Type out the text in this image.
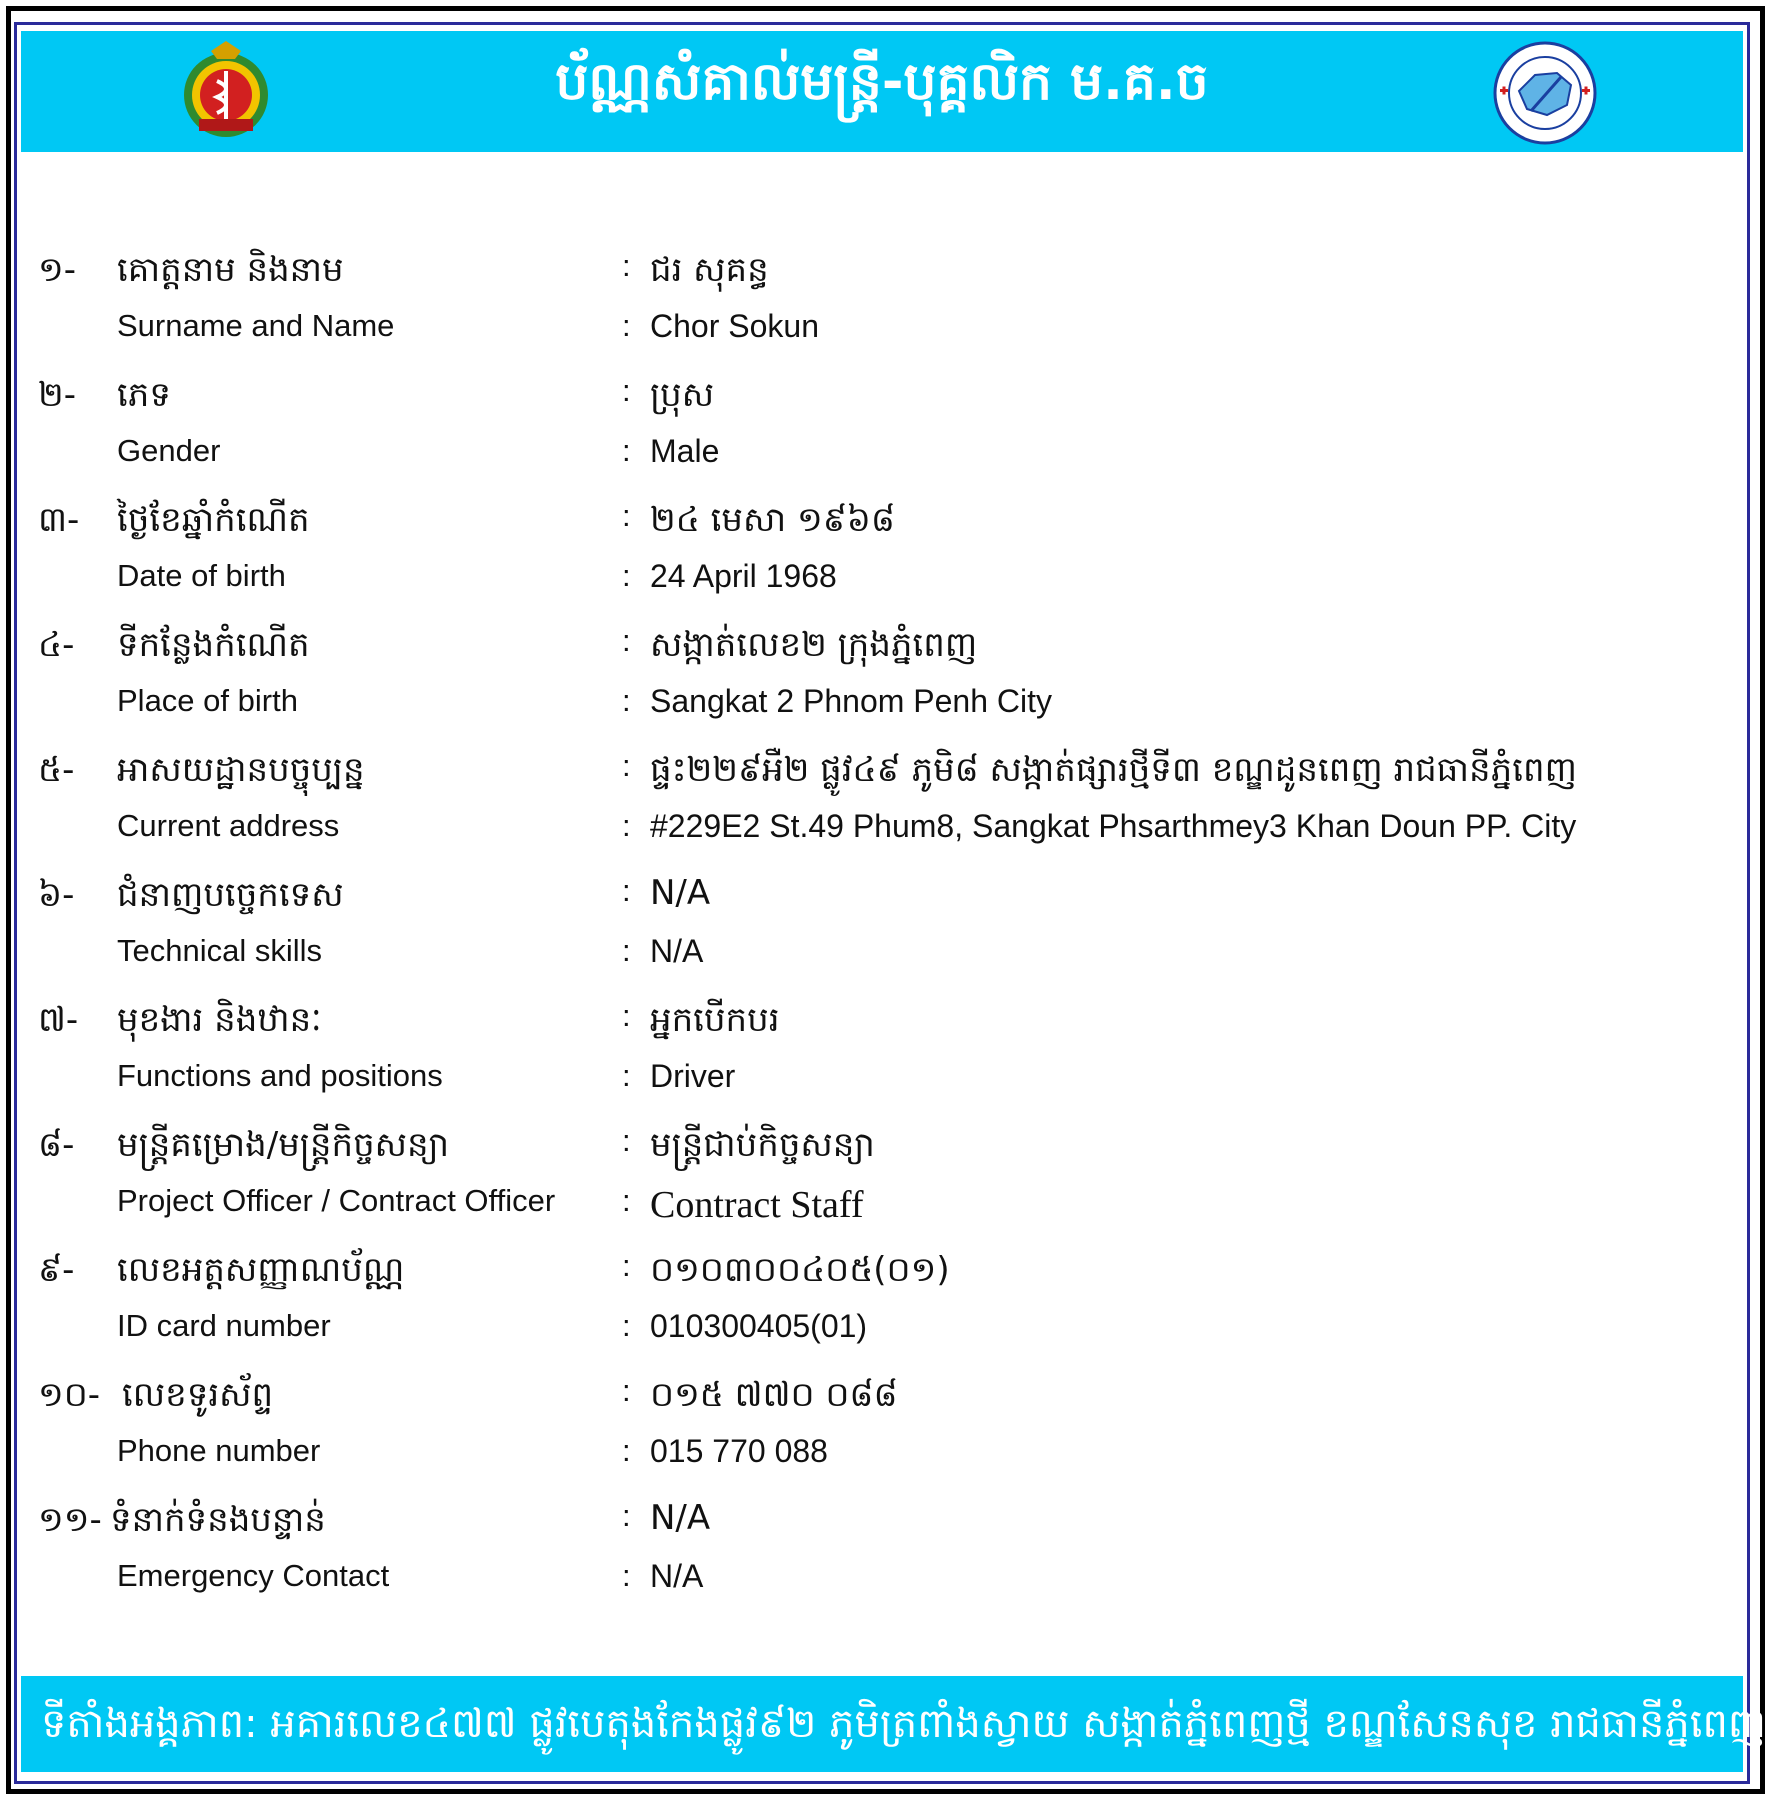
ប័ណ្ណសំគាល់មន្ត្រី-បុគ្គលិក ម.គ.ច
១- គោត្តនាម និងនាម	: ជរ សុគន្ធ
Surname and Name	: Chor Sokun
២- ភេទ	: ប្រុស
Gender	: Male
៣- ថ្ងៃខែឆ្នាំកំណើត	: ២៤ មេសា ១៩៦៨
Date of birth	: 24 April 1968
៤- ទីកន្លែងកំណើត	: សង្កាត់លេខ២ ក្រុងភ្នំពេញ
Place of birth	: Sangkat 2 Phnom Penh City
៥- អាសយដ្ឋានបច្ចុប្បន្ន	: ផ្ទះ២២៩អឺ២ ផ្លូវ៤៩ ភូមិ៨ សង្កាត់ផ្សារថ្មីទី៣ ខណ្ឌដូនពេញ រាជធានីភ្នំពេញ
Current address	: #229E2 St.49 Phum8, Sangkat Phsarthmey3 Khan Doun PP. City
៦- ជំនាញបច្ចេកទេស	: N/A
Technical skills	: N/A
៧- មុខងារ និងឋានៈ	: អ្នកបើកបរ
Functions and positions	: Driver
៨- មន្ត្រីគម្រោង/មន្ត្រីកិច្ចសន្យា	: មន្ត្រីជាប់កិច្ចសន្យា
Project Officer / Contract Officer : Contract Staff
៩- លេខអត្តសញ្ញាណប័ណ្ណ	: ០១០៣០០៤០៥(០១)
ID card number	: 010300405(01)
១០- លេខទូរស័ព្ទ	: ០១៥ ៧៧០ ០៨៨
Phone number	: 015 770 088
១១- ទំនាក់ទំនងបន្ទាន់	: N/A
Emergency Contact	: N/A
ទីតាំងអង្គភាព: អគារលេខ៤៧៧ ផ្លូវបេតុងកែងផ្លូវ៩២ ភូមិត្រពាំងស្វាយ សង្កាត់ភ្នំពេញថ្មី ខណ្ឌសែនសុខ រាជធានីភ្នំពេញ
